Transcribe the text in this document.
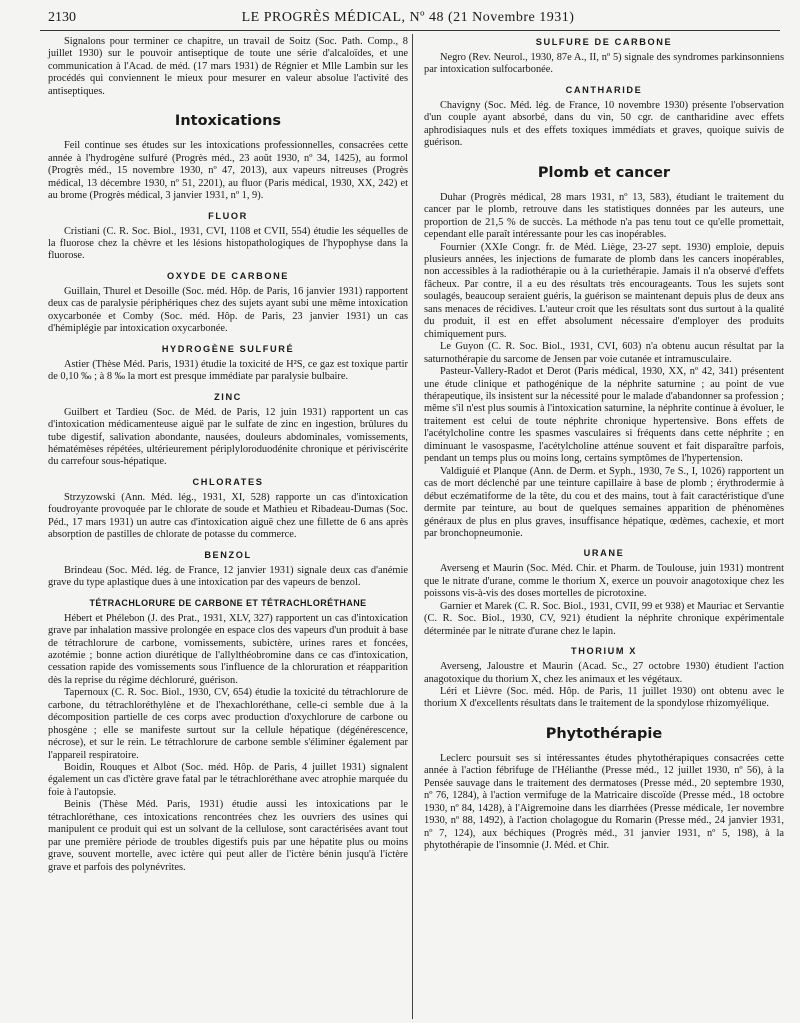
2130	LE PROGRÈS MÉDICAL, Nº 48 (21 Novembre 1931)

Signalons pour terminer ce chapitre, un travail de Soitz (Soc. Path. Comp., 8 juillet 1930) sur le pouvoir antiseptique de toute une série d'alcaloïdes, et une communication à l'Acad. de méd. (17 mars 1931) de Régnier et Mlle Lambin sur les procédés qui conviennent le mieux pour mesurer en valeur absolue l'activité des antiseptiques.

Intoxications

Feil continue ses études sur les intoxications professionnelles, consacrées cette année à l'hydrogène sulfuré (Progrès méd., 23 août 1930, nº 34, 1425), au formol (Progrès méd., 15 novembre 1930, nº 47, 2013), aux vapeurs nitreuses (Progrès médical, 13 décembre 1930, nº 51, 2201), au fluor (Paris médical, 1930, XX, 242) et au brome (Progrès médical, 3 janvier 1931, nº 1, 9).

FLUOR

Cristiani (C. R. Soc. Biol., 1931, CVI, 1108 et CVII, 554) étudie les séquelles de la fluorose chez la chèvre et les lésions histopathologiques de l'hypophyse dans la fluorose.

OXYDE DE CARBONE

Guillain, Thurel et Desoille (Soc. méd. Hôp. de Paris, 16 janvier 1931) rapportent deux cas de paralysie périphériques chez des sujets ayant subi une même intoxication oxycarbonée et Comby (Soc. méd. Hôp. de Paris, 23 janvier 1931) un cas d'hémiplégie par intoxication oxycarbonée.

HYDROGÈNE SULFURÉ

Astier (Thèse Méd. Paris, 1931) étudie la toxicité de H²S, ce gaz est toxique partir de 0,10 ‰ ; à 8 ‰ la mort est presque immédiate par paralysie bulbaire.

ZINC

Guilbert et Tardieu (Soc. de Méd. de Paris, 12 juin 1931) rapportent un cas d'intoxication médicamenteuse aiguë par le sulfate de zinc en ingestion, brûlures du tube digestif, salivation abondante, nausées, douleurs abdominales, vomissements, hématémèses répétées, ultérieurement périplyloroduodénite chronique et périviscérite du carrefour sous-hépatique.

CHLORATES

Strzyzowski (Ann. Méd. lég., 1931, XI, 528) rapporte un cas d'intoxication foudroyante provoquée par le chlorate de soude et Mathieu et Ribadeau-Dumas (Soc. Péd., 17 mars 1931) un autre cas d'intoxication aiguë chez une fillette de 6 ans après absorption de pastilles de chlorate de potasse du commerce.

BENZOL

Brindeau (Soc. Méd. lég. de France, 12 janvier 1931) signale deux cas d'anémie grave du type aplastique dues à une intoxication par des vapeurs de benzol.

TÉTRACHLORURE DE CARBONE ET TÉTRACHLORÉTHANE

Hébert et Phélebon (J. des Prat., 1931, XLV, 327) rapportent un cas d'intoxication grave par inhalation massive prolongée en espace clos des vapeurs d'un produit à base de tétrachlorure de carbone, vomissements, subictère, urines rares et foncées, azotémie ; bonne action diurétique de l'allylthéobromine dans ce cas d'intoxication, cessation rapide des vomissements sous l'influence de la chloruration et réapparition dès la reprise du régime déchloruré, guérison.

Tapernoux (C. R. Soc. Biol., 1930, CV, 654) étudie la toxicité du tétrachlorure de carbone, du tétrachloréthylène et de l'hexachloréthane, celle-ci semble due à la décomposition partielle de ces corps avec production d'oxychlorure de carbone ou phosgène ; elle se manifeste surtout sur la cellule hépatique (dégénérescence, nécrose), et sur le rein. Le tétrachlorure de carbone semble s'éliminer également par l'appareil respiratoire.

Boidin, Rouques et Albot (Soc. méd. Hôp. de Paris, 4 juillet 1931) signalent également un cas d'ictère grave fatal par le tétrachloréthane avec atrophie marquée du foie à l'autopsie.

Beinis (Thèse Méd. Paris, 1931) étudie aussi les intoxications par le tétrachloréthane, ces intoxications rencontrées chez les ouvriers des usines qui manipulent ce produit qui est un solvant de la cellulose, sont caractérisées avant tout par une première période de troubles digestifs puis par une hépatite plus ou moins grave, souvent mortelle, avec ictère qui peut aller de l'ictère bénin jusqu'à l'ictère grave et parfois des polynévrites.

SULFURE DE CARBONE

Negro (Rev. Neurol., 1930, 87e A., II, nº 5) signale des syndromes parkinsonniens par intoxication sulfocarbonée.

CANTHARIDE

Chavigny (Soc. Méd. lég. de France, 10 novembre 1930) présente l'observation d'un couple ayant absorbé, dans du vin, 50 cgr. de cantharidine avec effets aphrodisiaques nuls et des effets toxiques immédiats et graves, quoique suivis de guérison.

Plomb et cancer

Duhar (Progrès médical, 28 mars 1931, nº 13, 583), étudiant le traitement du cancer par le plomb, retrouve dans les statistiques données par les auteurs, une proportion de 21,5 % de succès. La méthode n'a pas tenu tout ce qu'elle promettait, cependant elle paraît intéressante pour les cas inopérables.

Fournier (XXIe Congr. fr. de Méd. Liège, 23-27 sept. 1930) emploie, depuis plusieurs années, les injections de fumarate de plomb dans les cancers inopérables, non accessibles à la radiothérapie ou à la curiethérapie. Jamais il n'a observé d'effets fâcheux. Par contre, il a eu des résultats très encourageants. Tous les sujets sont soulagés, beaucoup seraient guéris, la guérison se maintenant depuis plus de deux ans sans menaces de récidives. L'auteur croit que les résultats sont dus surtout à la qualité du produit, il est en effet absolument nécessaire d'employer des produits chimiquement purs.

Le Guyon (C. R. Soc. Biol., 1931, CVI, 603) n'a obtenu aucun résultat par la saturnothérapie du sarcome de Jensen par voie cutanée et intramusculaire.

Pasteur-Vallery-Radot et Derot (Paris médical, 1930, XX, nº 42, 341) présentent une étude clinique et pathogénique de la néphrite saturnine ; au point de vue thérapeutique, ils insistent sur la nécessité pour le malade d'abandonner sa profession ; même s'il n'est plus soumis à l'intoxication saturnine, la néphrite continue à évoluer, le traitement est celui de toute néphrite chronique hypertensive. Bons effets de l'acétylcholine contre les spasmes vasculaires si fréquents dans cette néphrite ; en diminuant le vasospasme, l'acétylcholine atténue souvent et fait disparaître parfois, pendant un temps plus ou moins long, certains symptômes de l'hypertension.

Valdiguié et Planque (Ann. de Derm. et Syph., 1930, 7e S., I, 1026) rapportent un cas de mort déclenché par une teinture capillaire à base de plomb ; érythrodermie à début eczématiforme de la tête, du cou et des mains, tout à fait caractéristique d'une dermite par teinture, au bout de quelques semaines apparition de phénomènes généraux de plus en plus graves, insuffisance hépatique, œdèmes, cachexie, et mort par bronchopneumonie.

URANE

Averseng et Maurin (Soc. Méd. Chir. et Pharm. de Toulouse, juin 1931) montrent que le nitrate d'urane, comme le thorium X, exerce un pouvoir anagotoxique chez les poissons vis-à-vis des doses mortelles de picrotoxine.

Garnier et Marek (C. R. Soc. Biol., 1931, CVII, 99 et 938) et Mauriac et Servantie (C. R. Soc. Biol., 1930, CV, 921) étudient la néphrite chronique expérimentale déterminée par le nitrate d'urane chez le lapin.

THORIUM X

Averseng, Jaloustre et Maurin (Acad. Sc., 27 octobre 1930) étudient l'action anagotoxique du thorium X, chez les animaux et les végétaux.

Léri et Lièvre (Soc. méd. Hôp. de Paris, 11 juillet 1930) ont obtenu avec le thorium X d'excellents résultats dans le traitement de la spondylose rhizomyélique.

Phytothérapie

Leclerc poursuit ses si intéressantes études phytothérapiques consacrées cette année à l'action fébrifuge de l'Hélianthe (Presse méd., 12 juillet 1930, nº 56), à la Pensée sauvage dans le traitement des dermatoses (Presse méd., 20 septembre 1930, nº 76, 1284), à l'action vermifuge de la Matricaire discoïde (Presse méd., 18 octobre 1930, nº 84, 1428), à l'Aigremoine dans les diarrhées (Presse médicale, 1er novembre 1930, nº 88, 1492), à l'action cholagogue du Romarin (Presse méd., 24 janvier 1931, nº 7, 124), aux béchiques (Progrès méd., 31 janvier 1931, nº 5, 198), à la phytothérapie de l'insomnie (J. Méd. et Chir.
